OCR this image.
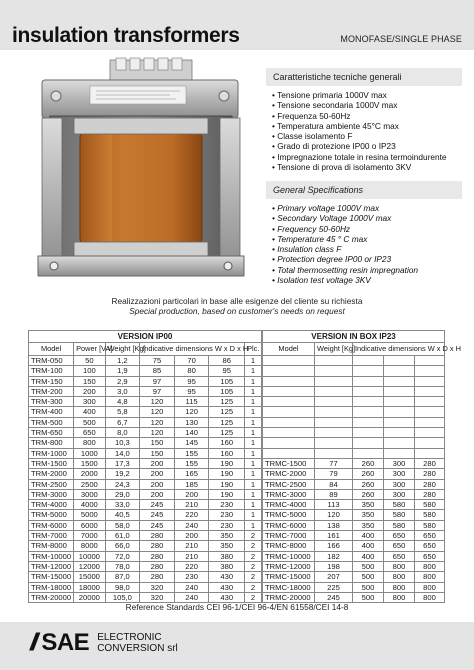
insulation transformers	MONOFASE/SINGLE PHASE
Caratteristiche tecniche generali
• Tensione primaria 1000V max
• Tensione secondaria 1000V max
• Frequenza 50-60Hz
• Temperatura ambiente 45°C max
• Classe isolamento F
• Grado di protezione IP00 o IP23
• Impregnazione totale in resina termoindurente
• Tensione di prova di isolamento 3KV
General Specifications
• Primary voltage 1000V max
• Secondary Voltage 1000V max
• Frequency 50-60Hz
• Temperature 45 ° C max
• Insulation class F
• Protection degree IP00 or IP23
• Total thermosetting resin impregnation
• Isolation test voltage 3KV
Realizzazioni particolari in base alle esigenze del cliente su richiesta
Special production, based on customer's needs on request
VERSION IP00						
Model	Power [VA]	Weight [Kg]	Indicative dimensions W x D x H			Plc.
TRM-050	50	1,2	75	70	86	1
TRM-100	100	1,9	85	80	95	1
TRM-150	150	2,9	97	95	105	1
TRM-200	200	3,0	97	95	105	1
TRM-300	300	4,8	120	115	125	1
TRM-400	400	5,8	120	120	125	1
TRM-500	500	6,7	120	130	125	1
TRM-650	650	8,0	120	140	125	1
TRM-800	800	10,3	150	145	160	1
TRM-1000	1000	14,0	150	155	160	1
TRM-1500	1500	17,3	200	155	190	1
TRM-2000	2000	19,2	200	165	190	1
TRM-2500	2500	24,3	200	185	190	1
TRM-3000	3000	29,0	200	200	190	1
TRM-4000	4000	33,0	245	210	230	1
TRM-5000	5000	40,5	245	220	230	1
TRM-6000	6000	58,0	245	240	230	1
TRM-7000	7000	61,0	280	200	350	2
TRM-8000	8000	66,0	280	210	350	2
TRM-10000	10000	72,0	280	210	380	2
TRM-12000	12000	78,0	280	220	380	2
TRM-15000	15000	87,0	280	230	430	2
TRM-18000	18000	98,0	320	240	430	2
TRM-20000	20000	105,0	320	240	430	2
VERSION IN BOX IP23				
Model	Weight [Kg]	Indicative dimensions W x D x H		

TRMC-1500	77	260	300	280
TRMC-2000	79	260	300	280
TRMC-2500	84	260	300	280
TRMC-3000	89	260	300	280
TRMC-4000	113	350	580	580
TRMC-5000	120	350	580	580
TRMC-6000	138	350	580	580
TRMC-7000	161	400	650	650
TRMC-8000	166	400	650	650
TRMC-10000	182	400	650	650
TRMC-12000	198	500	800	800
TRMC-15000	207	500	800	800
TRMC-18000	225	500	800	800
TRMC-20000	245	500	800	800
Reference Standards CEI 96-1/CEI 96-4/EN 61558/CEI 14-8
// SAE ELECTRONIC
CONVERSION srl
